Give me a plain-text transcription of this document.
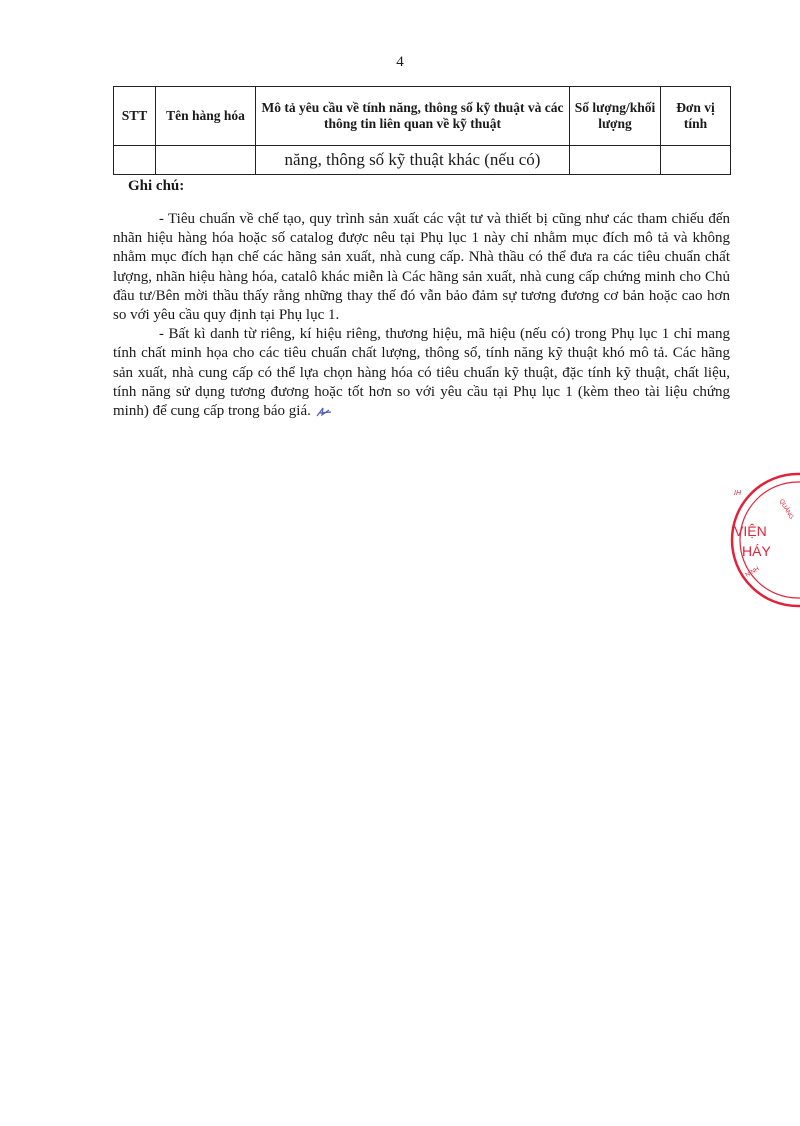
4
STT	Tên hàng hóa	Mô tả yêu cầu về tính năng, thông số kỹ thuật và các thông tin liên quan về kỹ thuật	Số lượng/khối lượng	Đơn vị tính
		năng, thông số kỹ thuật khác (nếu có)		
Ghi chú:

- Tiêu chuẩn về chế tạo, quy trình sản xuất các vật tư và thiết bị cũng như các tham chiếu đến nhãn hiệu hàng hóa hoặc số catalog được nêu tại Phụ lục 1 này chỉ nhằm mục đích mô tả và không nhằm mục đích hạn chế các hãng sản xuất, nhà cung cấp. Nhà thầu có thể đưa ra các tiêu chuẩn chất lượng, nhãn hiệu hàng hóa, catalô khác miễn là Các hãng sản xuất, nhà cung cấp chứng minh cho Chủ đầu tư/Bên mời thầu thấy rằng những thay thế đó vẫn bảo đảm sự tương đương cơ bản hoặc cao hơn so với yêu cầu quy định tại Phụ lục 1.

- Bất kì danh từ riêng, kí hiệu riêng, thương hiệu, mã hiệu (nếu có) trong Phụ lục 1 chỉ mang tính chất minh họa cho các tiêu chuẩn chất lượng, thông số, tính năng kỹ thuật khó mô tả. Các hãng sản xuất, nhà cung cấp có thể lựa chọn hàng hóa có tiêu chuẩn kỹ thuật, đặc tính kỹ thuật, chất liệu, tính năng sử dụng tương đương hoặc tốt hơn so với yêu cầu tại Phụ lục 1 (kèm theo tài liệu chứng minh) để cung cấp trong báo giá.

IH
QUẢNG
VIỆN
HÁY
NINH
